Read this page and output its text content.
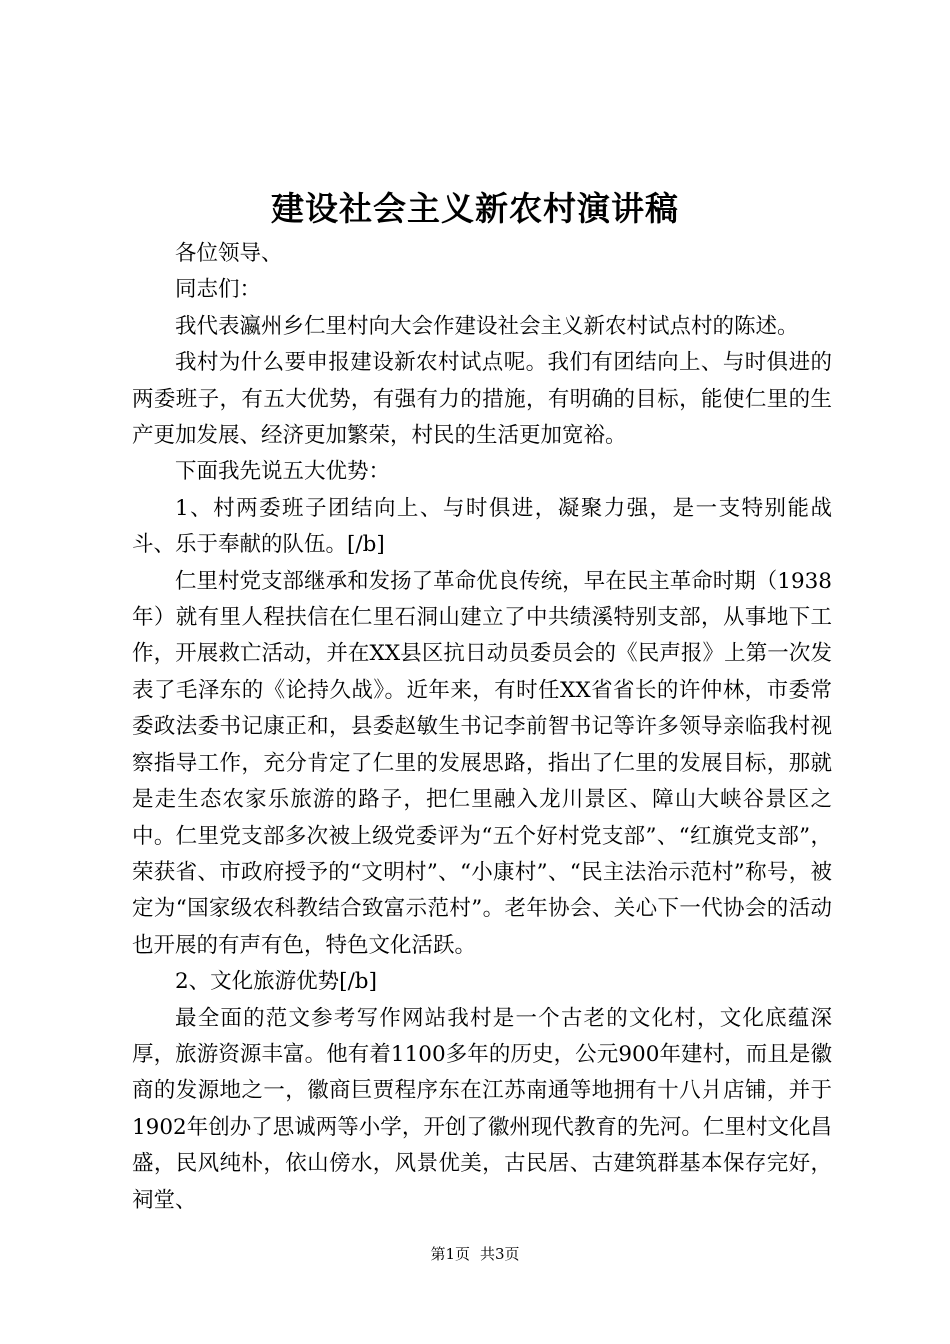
建设社会主义新农村演讲稿

各位领导、

同志们：

我代表瀛州乡仁里村向大会作建设社会主义新农村试点村的陈述。

我村为什么要申报建设新农村试点呢。我们有团结向上、与时俱进的两委班子，有五大优势，有强有力的措施，有明确的目标，能使仁里的生产更加发展、经济更加繁荣，村民的生活更加宽裕。

下面我先说五大优势：

1、村两委班子团结向上、与时俱进，凝聚力强，是一支特别能战斗、乐于奉献的队伍。[/b]

仁里村党支部继承和发扬了革命优良传统，早在民主革命时期（1938年）就有里人程扶信在仁里石洞山建立了中共绩溪特别支部，从事地下工作，开展救亡活动，并在XX县区抗日动员委员会的《民声报》上第一次发表了毛泽东的《论持久战》。近年来，有时任XX省省长的许仲林，市委常委政法委书记康正和，县委赵敏生书记李前智书记等许多领导亲临我村视察指导工作，充分肯定了仁里的发展思路，指出了仁里的发展目标，那就是走生态农家乐旅游的路子，把仁里融入龙川景区、障山大峡谷景区之中。仁里党支部多次被上级党委评为“五个好村党支部”、“红旗党支部”，荣获省、市政府授予的“文明村”、“小康村”、“民主法治示范村”称号，被定为“国家级农科教结合致富示范村”。老年协会、关心下一代协会的活动也开展的有声有色，特色文化活跃。

2、文化旅游优势[/b]

最全面的范文参考写作网站我村是一个古老的文化村，文化底蕴深厚，旅游资源丰富。他有着1100多年的历史，公元900年建村，而且是徽商的发源地之一，徽商巨贾程序东在江苏南通等地拥有十八爿店铺，并于1902年创办了思诚两等小学，开创了徽州现代教育的先河。仁里村文化昌盛，民风纯朴，依山傍水，风景优美，古民居、古建筑群基本保存完好，祠堂、

第1页 共3页
